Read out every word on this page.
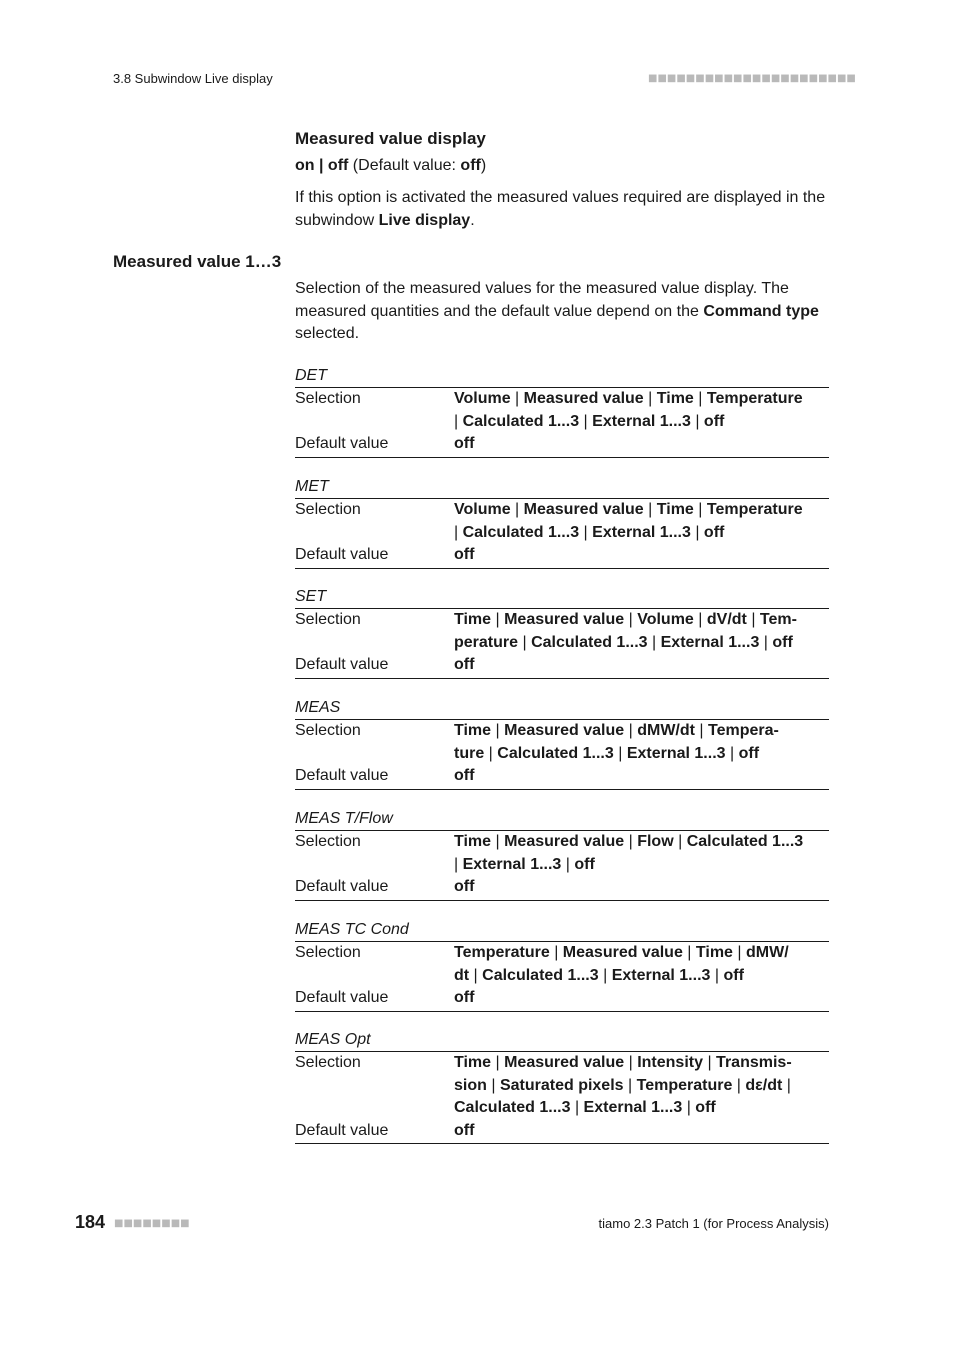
3.8 Subwindow Live display	■■■■■■■■■■■■■■■■■■■■■■
Measured value display
on | off (Default value: off)
If this option is activated the measured values required are displayed in the subwindow Live display.
Measured value 1…3
Selection of the measured values for the measured value display. The measured quantities and the default value depend on the Command type selected.
DET
Selection	Volume | Measured value | Time | Temperature
| Calculated 1...3 | External 1...3 | off
Default value	off
MET
Selection	Volume | Measured value | Time | Temperature
| Calculated 1...3 | External 1...3 | off
Default value	off
SET
Selection	Time | Measured value | Volume | dV/dt | Tem-
perature | Calculated 1...3 | External 1...3 | off
Default value	off
MEAS
Selection	Time | Measured value | dMW/dt | Tempera-
ture | Calculated 1...3 | External 1...3 | off
Default value	off
MEAS T/Flow
Selection	Time | Measured value | Flow | Calculated 1...3
| External 1...3 | off
Default value	off
MEAS TC Cond
Selection	Temperature | Measured value | Time | dMW/
dt | Calculated 1...3 | External 1...3 | off
Default value	off
MEAS Opt
Selection	Time | Measured value | Intensity | Transmis-
sion | Saturated pixels | Temperature | dε/dt |
Calculated 1...3 | External 1...3 | off
Default value	off
184 ■■■■■■■■	tiamo 2.3 Patch 1 (for Process Analysis)
